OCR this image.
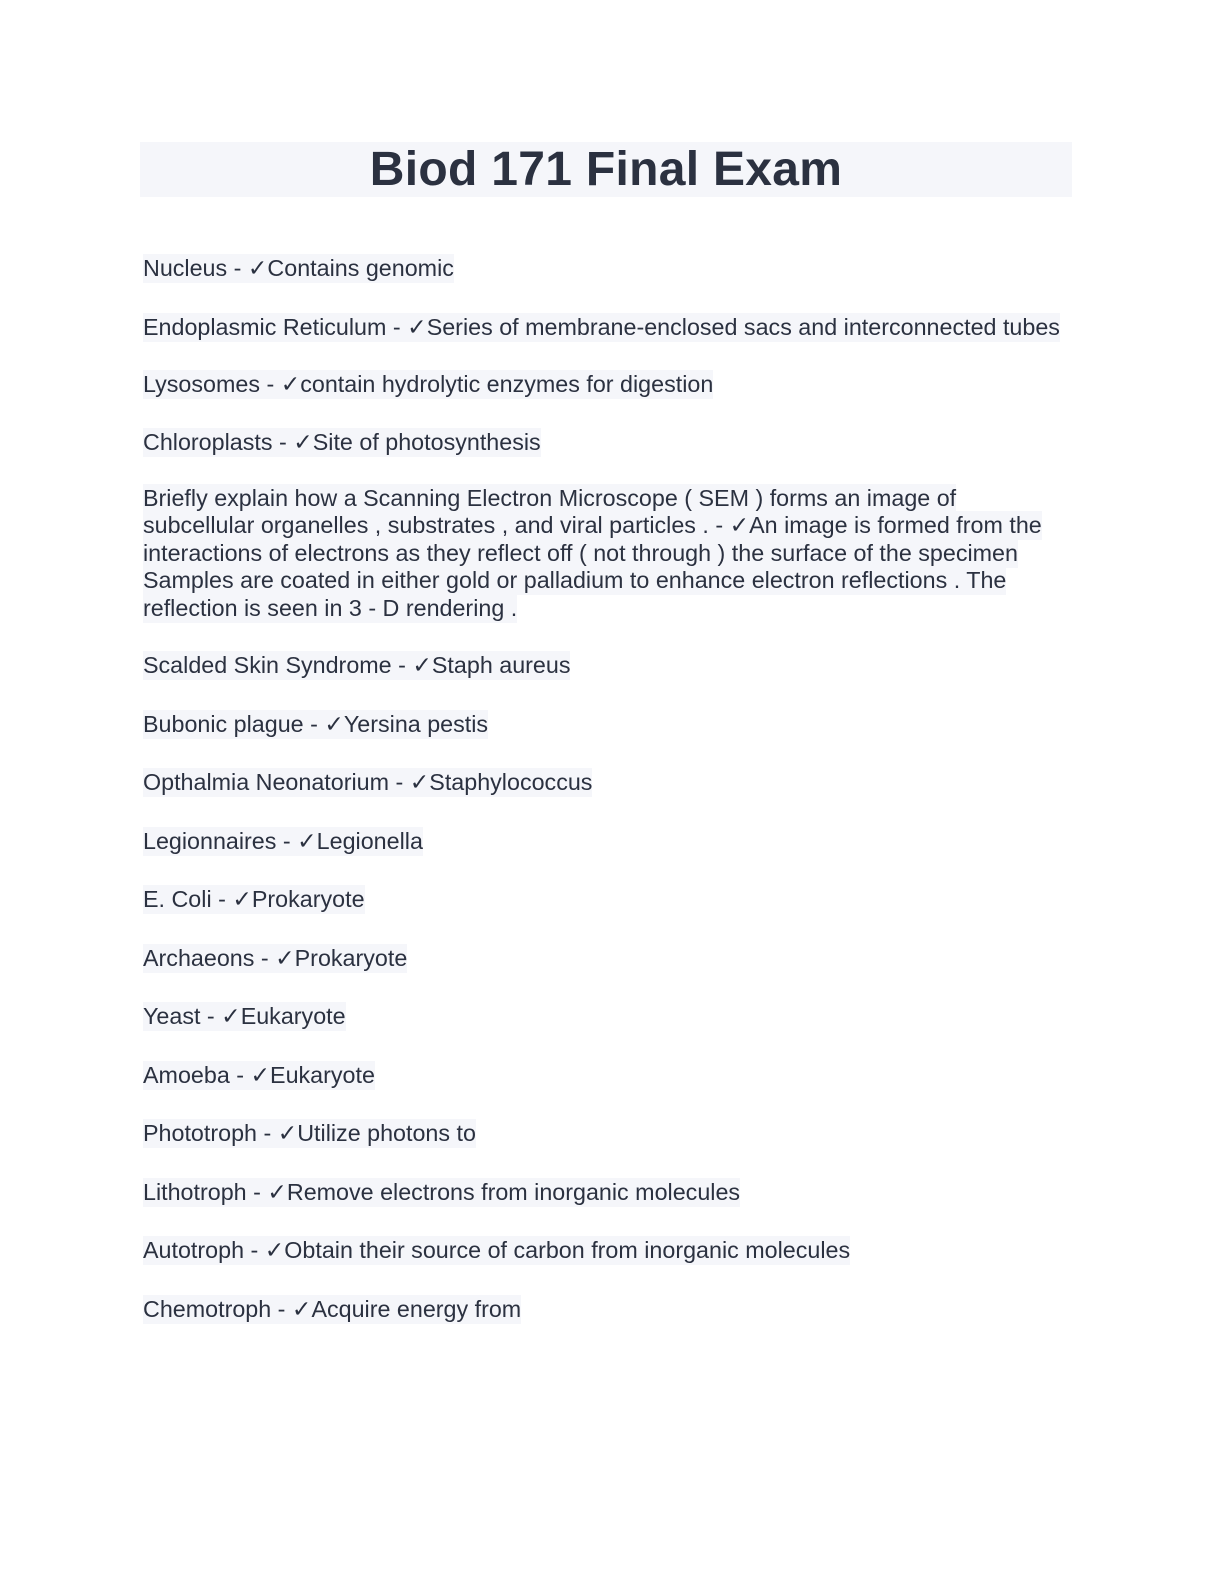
Biod 171 Final Exam

Nucleus - ✓Contains genomic

Endoplasmic Reticulum - ✓Series of membrane-enclosed sacs and interconnected tubes

Lysosomes - ✓contain hydrolytic enzymes for digestion

Chloroplasts - ✓Site of photosynthesis

Briefly explain how a Scanning Electron Microscope ( SEM ) forms an image of subcellular organelles , substrates , and viral particles . - ✓An image is formed from the interactions of electrons as they reflect off ( not through ) the surface of the specimen Samples are coated in either gold or palladium to enhance electron reflections . The reflection is seen in 3 - D rendering .

Scalded Skin Syndrome - ✓Staph aureus

Bubonic plague - ✓Yersina pestis

Opthalmia Neonatorium - ✓Staphylococcus

Legionnaires - ✓Legionella

E. Coli - ✓Prokaryote

Archaeons - ✓Prokaryote

Yeast - ✓Eukaryote

Amoeba - ✓Eukaryote

Phototroph - ✓Utilize photons to

Lithotroph - ✓Remove electrons from inorganic molecules

Autotroph - ✓Obtain their source of carbon from inorganic molecules

Chemotroph - ✓Acquire energy from
